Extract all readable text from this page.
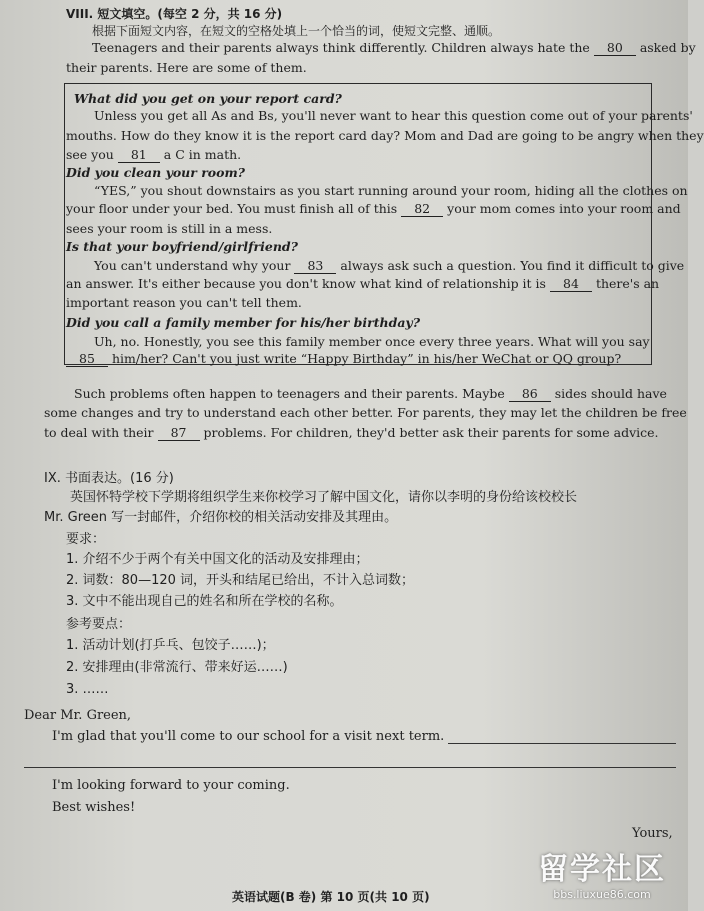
VIII. 短文填空。(每空 2 分，共 16 分)
根据下面短文内容，在短文的空格处填上一个恰当的词，使短文完整、通顺。
Teenagers and their parents always think differently. Children always hate the 80 asked by
their parents. Here are some of them.
What did you get on your report card?
Unless you get all As and Bs, you'll never want to hear this question come out of your parents'
mouths. How do they know it is the report card day? Mom and Dad are going to be angry when they
see you 81 a C in math.
Did you clean your room?
“YES,” you shout downstairs as you start running around your room, hiding all the clothes on
your floor under your bed. You must finish all of this 82 your mom comes into your room and
sees your room is still in a mess.
Is that your boyfriend/girlfriend?
You can't understand why your 83 always ask such a question. You find it difficult to give
an answer. It's either because you don't know what kind of relationship it is 84 there's an
important reason you can't tell them.
Did you call a family member for his/her birthday?
Uh, no. Honestly, you see this family member once every three years. What will you say
85 him/her? Can't you just write “Happy Birthday” in his/her WeChat or QQ group?
Such problems often happen to teenagers and their parents. Maybe 86 sides should have
some changes and try to understand each other better. For parents, they may let the children be free
to deal with their 87 problems. For children, they'd better ask their parents for some advice.
IX. 书面表达。(16 分)
英国怀特学校下学期将组织学生来你校学习了解中国文化，请你以李明的身份给该校校长
Mr. Green 写一封邮件，介绍你校的相关活动安排及其理由。
要求：
1. 介绍不少于两个有关中国文化的活动及安排理由；
2. 词数：80—120 词，开头和结尾已给出，不计入总词数；
3. 文中不能出现自己的姓名和所在学校的名称。
参考要点：
1. 活动计划(打乒乓、包饺子……)；
2. 安排理由(非常流行、带来好运……)
3. ……
Dear Mr. Green,
I'm glad that you'll come to our school for a visit next term.
I'm looking forward to your coming.
Best wishes!
Yours,
英语试题(B 卷) 第 10 页(共 10 页)
留学社区
bbs.liuxue86.com
